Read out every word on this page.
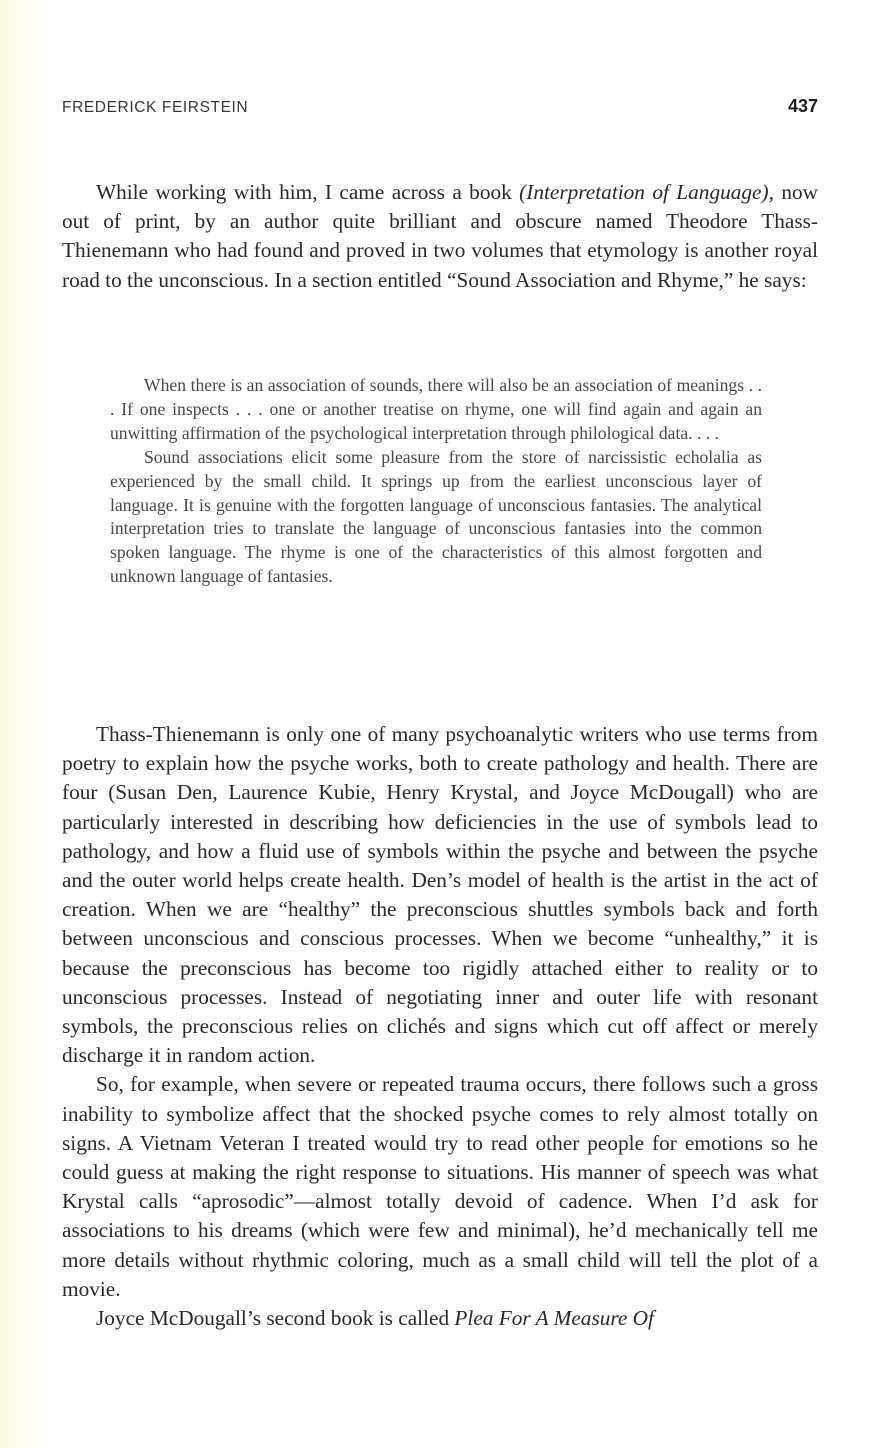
FREDERICK FEIRSTEIN	437

While working with him, I came across a book (Interpretation of Language), now out of print, by an author quite brilliant and obscure named Theodore Thass-Thienemann who had found and proved in two volumes that etymology is another royal road to the unconscious. In a section entitled “Sound Association and Rhyme,” he says:

When there is an association of sounds, there will also be an association of meanings . . . If one inspects . . . one or another treatise on rhyme, one will find again and again an unwitting affirmation of the psychological interpretation through philological data. . . .

Sound associations elicit some pleasure from the store of narcissistic echolalia as experienced by the small child. It springs up from the earliest unconscious layer of language. It is genuine with the forgotten language of unconscious fantasies. The analytical interpretation tries to translate the language of unconscious fantasies into the common spoken language. The rhyme is one of the characteristics of this almost forgotten and unknown language of fantasies.

Thass-Thienemann is only one of many psychoanalytic writers who use terms from poetry to explain how the psyche works, both to create pathology and health. There are four (Susan Den, Laurence Kubie, Henry Krystal, and Joyce McDougall) who are particularly interested in describing how deficiencies in the use of symbols lead to pathology, and how a fluid use of symbols within the psyche and between the psyche and the outer world helps create health. Den’s model of health is the artist in the act of creation. When we are “healthy” the preconscious shuttles symbols back and forth between unconscious and conscious processes. When we become “unhealthy,” it is because the preconscious has become too rigidly attached either to reality or to unconscious processes. Instead of negotiating inner and outer life with resonant symbols, the preconscious relies on clichés and signs which cut off affect or merely discharge it in random action.

So, for example, when severe or repeated trauma occurs, there follows such a gross inability to symbolize affect that the shocked psyche comes to rely almost totally on signs. A Vietnam Veteran I treated would try to read other people for emotions so he could guess at making the right response to situations. His manner of speech was what Krystal calls “aprosodic”—almost totally devoid of cadence. When I’d ask for associations to his dreams (which were few and minimal), he’d mechanically tell me more details without rhythmic coloring, much as a small child will tell the plot of a movie.

Joyce McDougall’s second book is called Plea For A Measure Of
